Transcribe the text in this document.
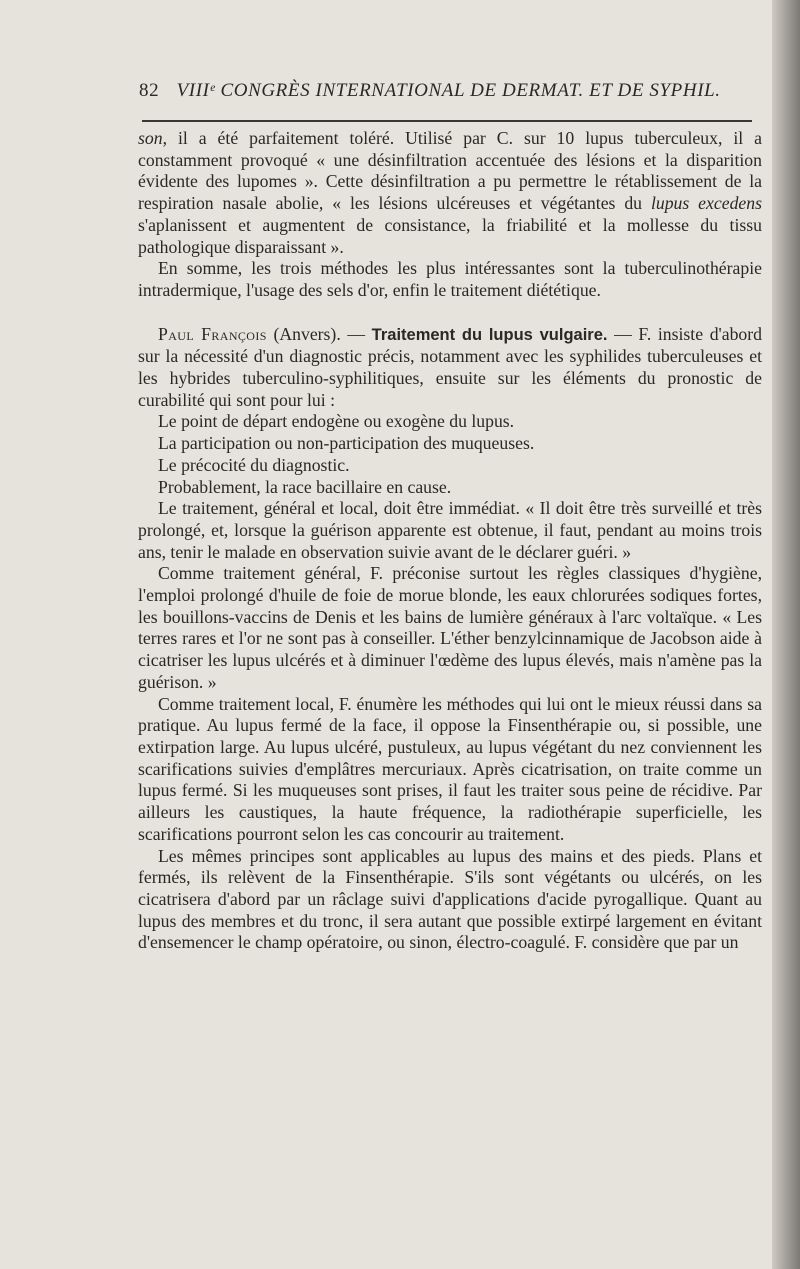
82 VIIIᵉ CONGRÈS INTERNATIONAL DE DERMAT. ET DE SYPHIL.

son, il a été parfaitement toléré. Utilisé par C. sur 10 lupus tuberculeux, il a constamment provoqué « une désinfiltration accentuée des lésions et la disparition évidente des lupomes ». Cette désinfiltration a pu permettre le rétablissement de la respiration nasale abolie, « les lésions ulcéreuses et végétantes du lupus excedens s'aplanissent et augmentent de consistance, la friabilité et la mollesse du tissu pathologique disparaissant ».

En somme, les trois méthodes les plus intéressantes sont la tuberculinothérapie intradermique, l'usage des sels d'or, enfin le traitement diététique.

Paul François (Anvers). — Traitement du lupus vulgaire. — F. insiste d'abord sur la nécessité d'un diagnostic précis, notamment avec les syphilides tuberculeuses et les hybrides tuberculino-syphilitiques, ensuite sur les éléments du pronostic de curabilité qui sont pour lui :

Le point de départ endogène ou exogène du lupus.

La participation ou non-participation des muqueuses.

Le précocité du diagnostic.

Probablement, la race bacillaire en cause.

Le traitement, général et local, doit être immédiat. « Il doit être très surveillé et très prolongé, et, lorsque la guérison apparente est obtenue, il faut, pendant au moins trois ans, tenir le malade en observation suivie avant de le déclarer guéri. »

Comme traitement général, F. préconise surtout les règles classiques d'hygiène, l'emploi prolongé d'huile de foie de morue blonde, les eaux chlorurées sodiques fortes, les bouillons-vaccins de Denis et les bains de lumière généraux à l'arc voltaïque. « Les terres rares et l'or ne sont pas à conseiller. L'éther benzylcinnamique de Jacobson aide à cicatriser les lupus ulcérés et à diminuer l'œdème des lupus élevés, mais n'amène pas la guérison. »

Comme traitement local, F. énumère les méthodes qui lui ont le mieux réussi dans sa pratique. Au lupus fermé de la face, il oppose la Finsenthérapie ou, si possible, une extirpation large. Au lupus ulcéré, pustuleux, au lupus végétant du nez conviennent les scarifications suivies d'emplâtres mercuriaux. Après cicatrisation, on traite comme un lupus fermé. Si les muqueuses sont prises, il faut les traiter sous peine de récidive. Par ailleurs les caustiques, la haute fréquence, la radiothérapie superficielle, les scarifications pourront selon les cas concourir au traitement.

Les mêmes principes sont applicables au lupus des mains et des pieds. Plans et fermés, ils relèvent de la Finsenthérapie. S'ils sont végétants ou ulcérés, on les cicatrisera d'abord par un râclage suivi d'applications d'acide pyrogallique. Quant au lupus des membres et du tronc, il sera autant que possible extirpé largement en évitant d'ensemencer le champ opératoire, ou sinon, électro-coagulé. F. considère que par un
